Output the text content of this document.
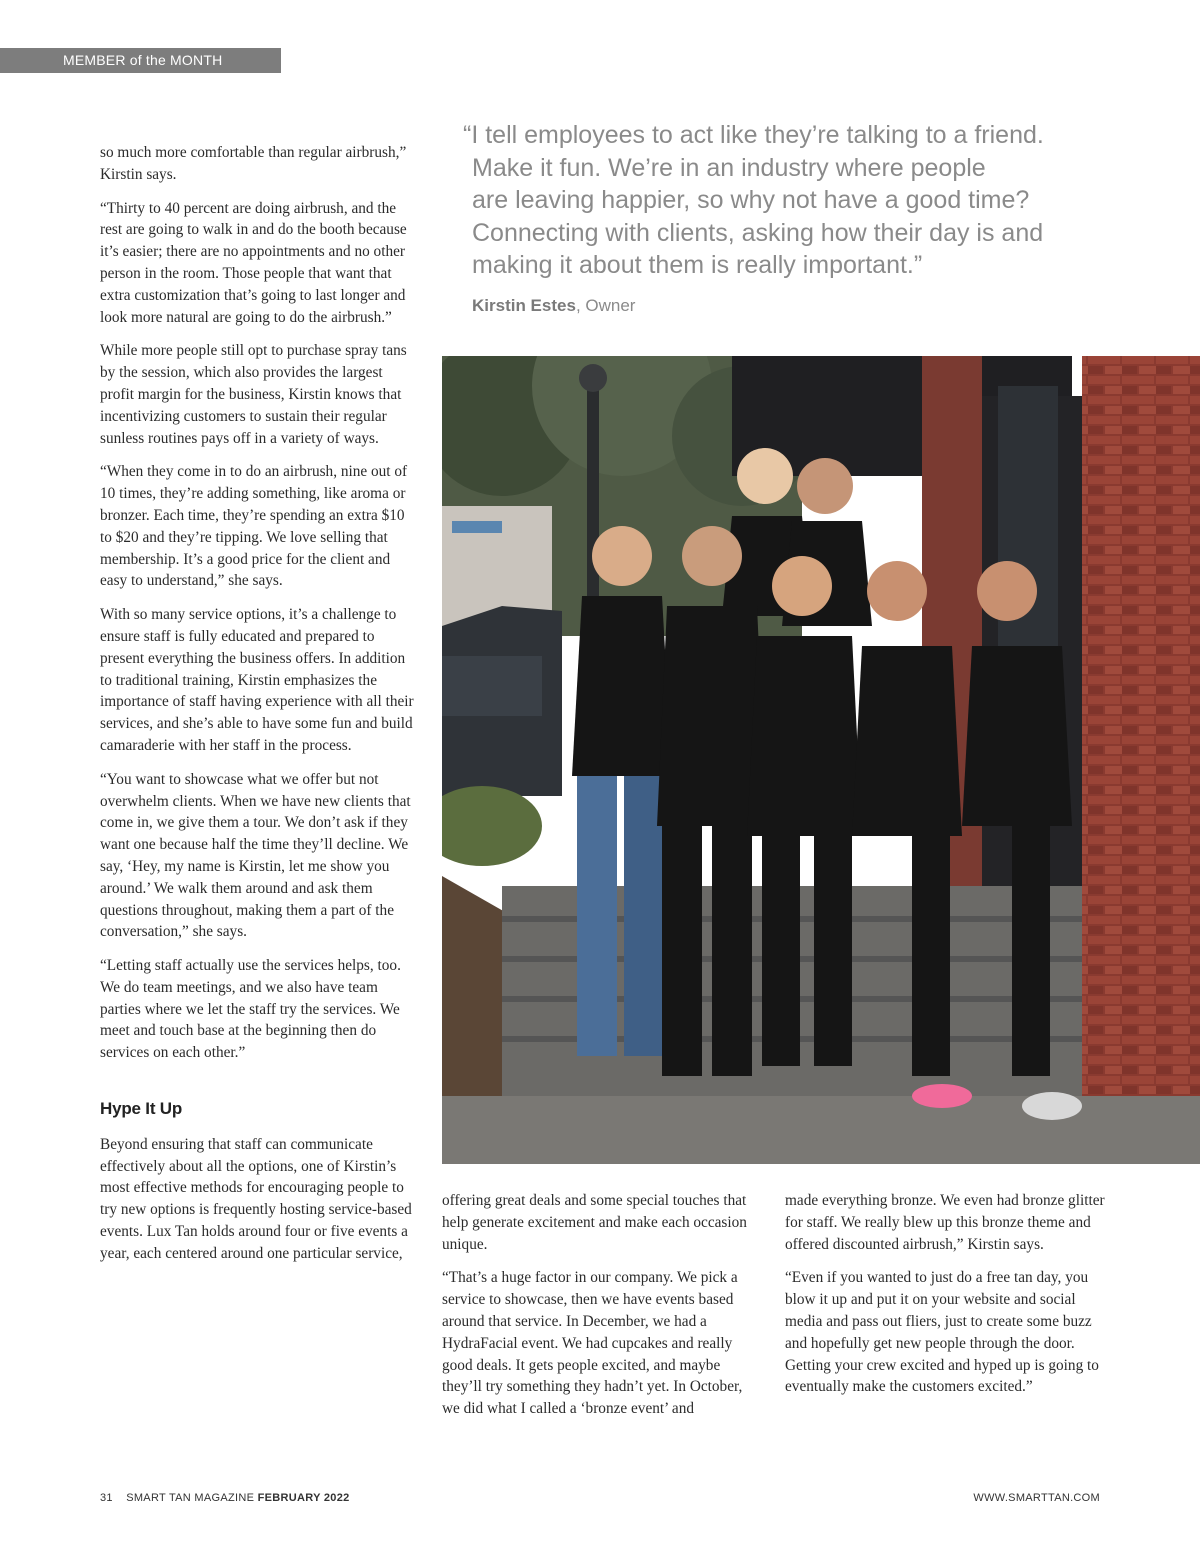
MEMBER of the MONTH
“I tell employees to act like they’re talking to a friend.
Make it fun. We’re in an industry where people
are leaving happier, so why not have a good time?
Connecting with clients, asking how their day is and
making it about them is really important.”
Kirstin Estes, Owner

so much more comfortable than regular airbrush,” Kirstin says.

“Thirty to 40 percent are doing airbrush, and the rest are going to walk in and do the booth because it’s easier; there are no appointments and no other person in the room. Those people that want that extra customization that’s going to last longer and look more natural are going to do the airbrush.”

While more people still opt to purchase spray tans by the session, which also provides the largest profit margin for the business, Kirstin knows that incentivizing customers to sustain their regular sunless routines pays off in a variety of ways.

“When they come in to do an airbrush, nine out of 10 times, they’re adding something, like aroma or bronzer. Each time, they’re spending an extra $10 to $20 and they’re tipping. We love selling that membership. It’s a good price for the client and easy to understand,” she says.

With so many service options, it’s a challenge to ensure staff is fully educated and prepared to present everything the business offers. In addition to traditional training, Kirstin emphasizes the importance of staff having experience with all their services, and she’s able to have some fun and build camaraderie with her staff in the process.

“You want to showcase what we offer but not overwhelm clients. When we have new clients that come in, we give them a tour. We don’t ask if they want one because half the time they’ll decline. We say, ‘Hey, my name is Kirstin, let me show you around.’ We walk them around and ask them questions throughout, making them a part of the conversation,” she says.

“Letting staff actually use the services helps, too. We do team meetings, and we also have team parties where we let the staff try the services. We meet and touch base at the beginning then do services on each other.”

Hype It Up

Beyond ensuring that staff can communicate effectively about all the options, one of Kirstin’s most effective methods for encouraging people to try new options is frequently hosting service-based events. Lux Tan holds around four or five events a year, each centered around one particular service,

offering great deals and some special touches that help generate excitement and make each occasion unique.

“That’s a huge factor in our company. We pick a service to showcase, then we have events based around that service. In December, we had a HydraFacial event. We had cupcakes and really good deals. It gets people excited, and maybe they’ll try something they hadn’t yet. In October, we did what I called a ‘bronze event’ and

made everything bronze. We even had bronze glitter for staff. We really blew up this bronze theme and offered discounted airbrush,” Kirstin says.

“Even if you wanted to just do a free tan day, you blow it up and put it on your website and social media and pass out fliers, just to create some buzz and hopefully get new people through the door. Getting your crew excited and hyped up is going to eventually make the customers excited.”

31 SMART TAN MAGAZINE FEBRUARY 2022	WWW.SMARTTAN.COM
